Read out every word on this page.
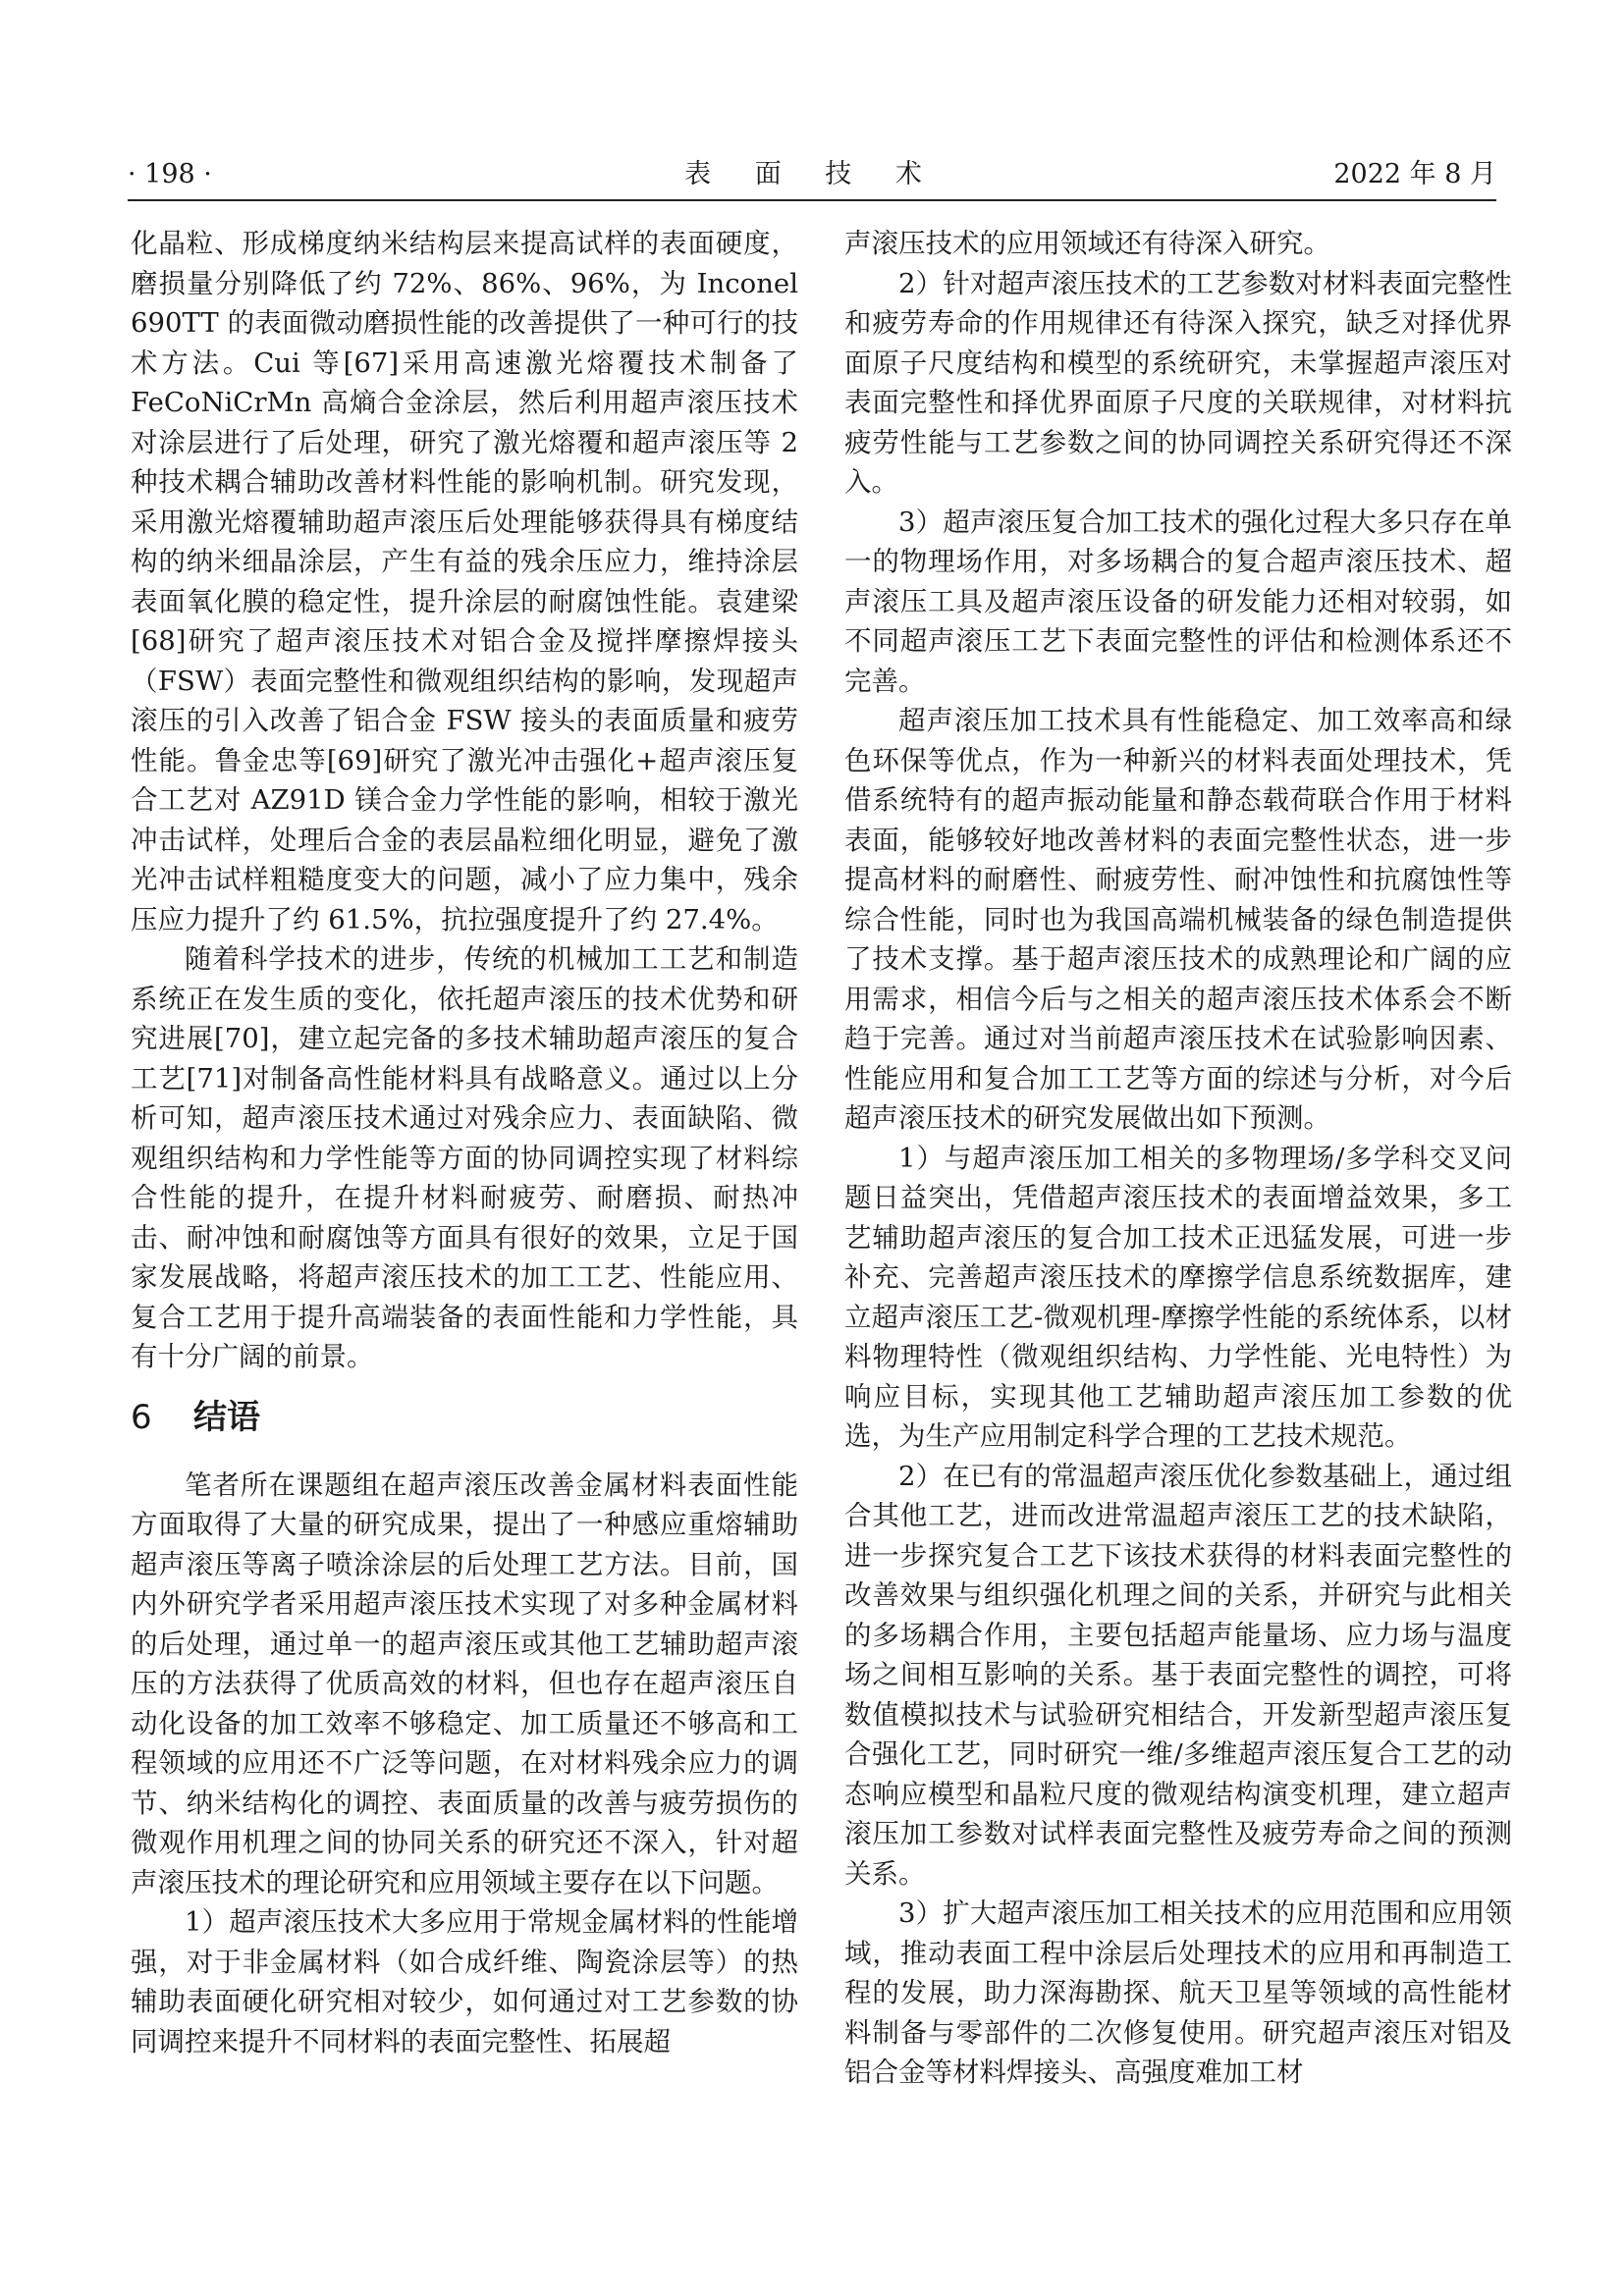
· 198 ·	表 面 技 术	2022 年 8 月

化晶粒、形成梯度纳米结构层来提高试样的表面硬度，磨损量分别降低了约 72%、86%、96%，为 Inconel 690TT 的表面微动磨损性能的改善提供了一种可行的技术方法。Cui 等[67]采用高速激光熔覆技术制备了 FeCoNiCrMn 高熵合金涂层，然后利用超声滚压技术对涂层进行了后处理，研究了激光熔覆和超声滚压等 2 种技术耦合辅助改善材料性能的影响机制。研究发现，采用激光熔覆辅助超声滚压后处理能够获得具有梯度结构的纳米细晶涂层，产生有益的残余压应力，维持涂层表面氧化膜的稳定性，提升涂层的耐腐蚀性能。袁建梁[68]研究了超声滚压技术对铝合金及搅拌摩擦焊接头（FSW）表面完整性和微观组织结构的影响，发现超声滚压的引入改善了铝合金 FSW 接头的表面质量和疲劳性能。鲁金忠等[69]研究了激光冲击强化+超声滚压复合工艺对 AZ91D 镁合金力学性能的影响，相较于激光冲击试样，处理后合金的表层晶粒细化明显，避免了激光冲击试样粗糙度变大的问题，减小了应力集中，残余压应力提升了约 61.5%，抗拉强度提升了约 27.4%。

随着科学技术的进步，传统的机械加工工艺和制造系统正在发生质的变化，依托超声滚压的技术优势和研究进展[70]，建立起完备的多技术辅助超声滚压的复合工艺[71]对制备高性能材料具有战略意义。通过以上分析可知，超声滚压技术通过对残余应力、表面缺陷、微观组织结构和力学性能等方面的协同调控实现了材料综合性能的提升，在提升材料耐疲劳、耐磨损、耐热冲击、耐冲蚀和耐腐蚀等方面具有很好的效果，立足于国家发展战略，将超声滚压技术的加工工艺、性能应用、复合工艺用于提升高端装备的表面性能和力学性能，具有十分广阔的前景。

6 结语

笔者所在课题组在超声滚压改善金属材料表面性能方面取得了大量的研究成果，提出了一种感应重熔辅助超声滚压等离子喷涂涂层的后处理工艺方法。目前，国内外研究学者采用超声滚压技术实现了对多种金属材料的后处理，通过单一的超声滚压或其他工艺辅助超声滚压的方法获得了优质高效的材料，但也存在超声滚压自动化设备的加工效率不够稳定、加工质量还不够高和工程领域的应用还不广泛等问题，在对材料残余应力的调节、纳米结构化的调控、表面质量的改善与疲劳损伤的微观作用机理之间的协同关系的研究还不深入，针对超声滚压技术的理论研究和应用领域主要存在以下问题。

1）超声滚压技术大多应用于常规金属材料的性能增强，对于非金属材料（如合成纤维、陶瓷涂层等）的热辅助表面硬化研究相对较少，如何通过对工艺参数的协同调控来提升不同材料的表面完整性、拓展超

声滚压技术的应用领域还有待深入研究。

2）针对超声滚压技术的工艺参数对材料表面完整性和疲劳寿命的作用规律还有待深入探究，缺乏对择优界面原子尺度结构和模型的系统研究，未掌握超声滚压对表面完整性和择优界面原子尺度的关联规律，对材料抗疲劳性能与工艺参数之间的协同调控关系研究得还不深入。

3）超声滚压复合加工技术的强化过程大多只存在单一的物理场作用，对多场耦合的复合超声滚压技术、超声滚压工具及超声滚压设备的研发能力还相对较弱，如不同超声滚压工艺下表面完整性的评估和检测体系还不完善。

超声滚压加工技术具有性能稳定、加工效率高和绿色环保等优点，作为一种新兴的材料表面处理技术，凭借系统特有的超声振动能量和静态载荷联合作用于材料表面，能够较好地改善材料的表面完整性状态，进一步提高材料的耐磨性、耐疲劳性、耐冲蚀性和抗腐蚀性等综合性能，同时也为我国高端机械装备的绿色制造提供了技术支撑。基于超声滚压技术的成熟理论和广阔的应用需求，相信今后与之相关的超声滚压技术体系会不断趋于完善。通过对当前超声滚压技术在试验影响因素、性能应用和复合加工工艺等方面的综述与分析，对今后超声滚压技术的研究发展做出如下预测。

1）与超声滚压加工相关的多物理场/多学科交叉问题日益突出，凭借超声滚压技术的表面增益效果，多工艺辅助超声滚压的复合加工技术正迅猛发展，可进一步补充、完善超声滚压技术的摩擦学信息系统数据库，建立超声滚压工艺-微观机理-摩擦学性能的系统体系，以材料物理特性（微观组织结构、力学性能、光电特性）为响应目标，实现其他工艺辅助超声滚压加工参数的优选，为生产应用制定科学合理的工艺技术规范。

2）在已有的常温超声滚压优化参数基础上，通过组合其他工艺，进而改进常温超声滚压工艺的技术缺陷，进一步探究复合工艺下该技术获得的材料表面完整性的改善效果与组织强化机理之间的关系，并研究与此相关的多场耦合作用，主要包括超声能量场、应力场与温度场之间相互影响的关系。基于表面完整性的调控，可将数值模拟技术与试验研究相结合，开发新型超声滚压复合强化工艺，同时研究一维/多维超声滚压复合工艺的动态响应模型和晶粒尺度的微观结构演变机理，建立超声滚压加工参数对试样表面完整性及疲劳寿命之间的预测关系。

3）扩大超声滚压加工相关技术的应用范围和应用领域，推动表面工程中涂层后处理技术的应用和再制造工程的发展，助力深海勘探、航天卫星等领域的高性能材料制备与零部件的二次修复使用。研究超声滚压对铝及铝合金等材料焊接头、高强度难加工材
